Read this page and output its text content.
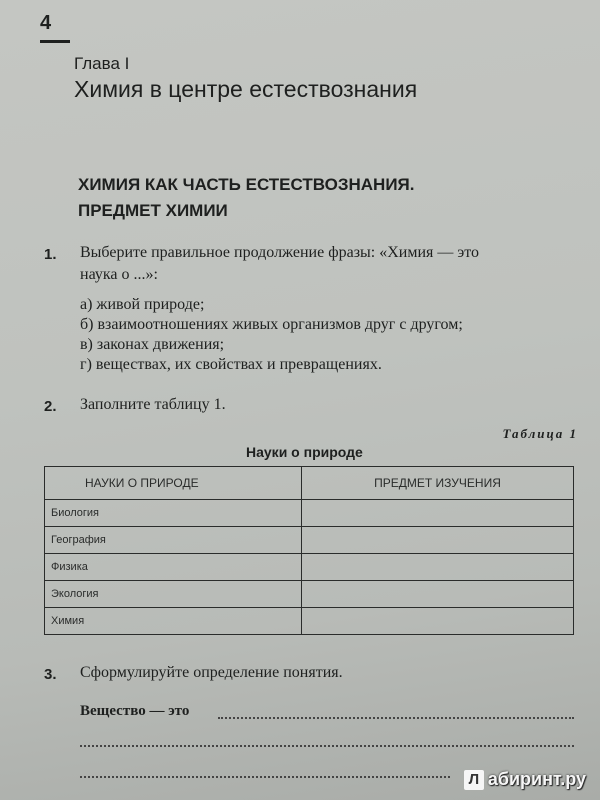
4
Глава I
Химия в центре естествознания
ХИМИЯ КАК ЧАСТЬ ЕСТЕСТВОЗНАНИЯ.
ПРЕДМЕТ ХИМИИ
1. Выберите правильное продолжение фразы: «Химия — это
наука о ...»:
а) живой природе;
б) взаимоотношениях живых организмов друг с другом;
в) законах движения;
г) веществах, их свойствах и превращениях.
2. Заполните таблицу 1.
Таблица 1
Науки о природе
НАУКИ О ПРИРОДЕ	ПРЕДМЕТ ИЗУЧЕНИЯ
Биология	
География	
Физика	
Экология	
Химия	
3. Сформулируйте определение понятия.
Вещество — это
Л абиринт.ру
